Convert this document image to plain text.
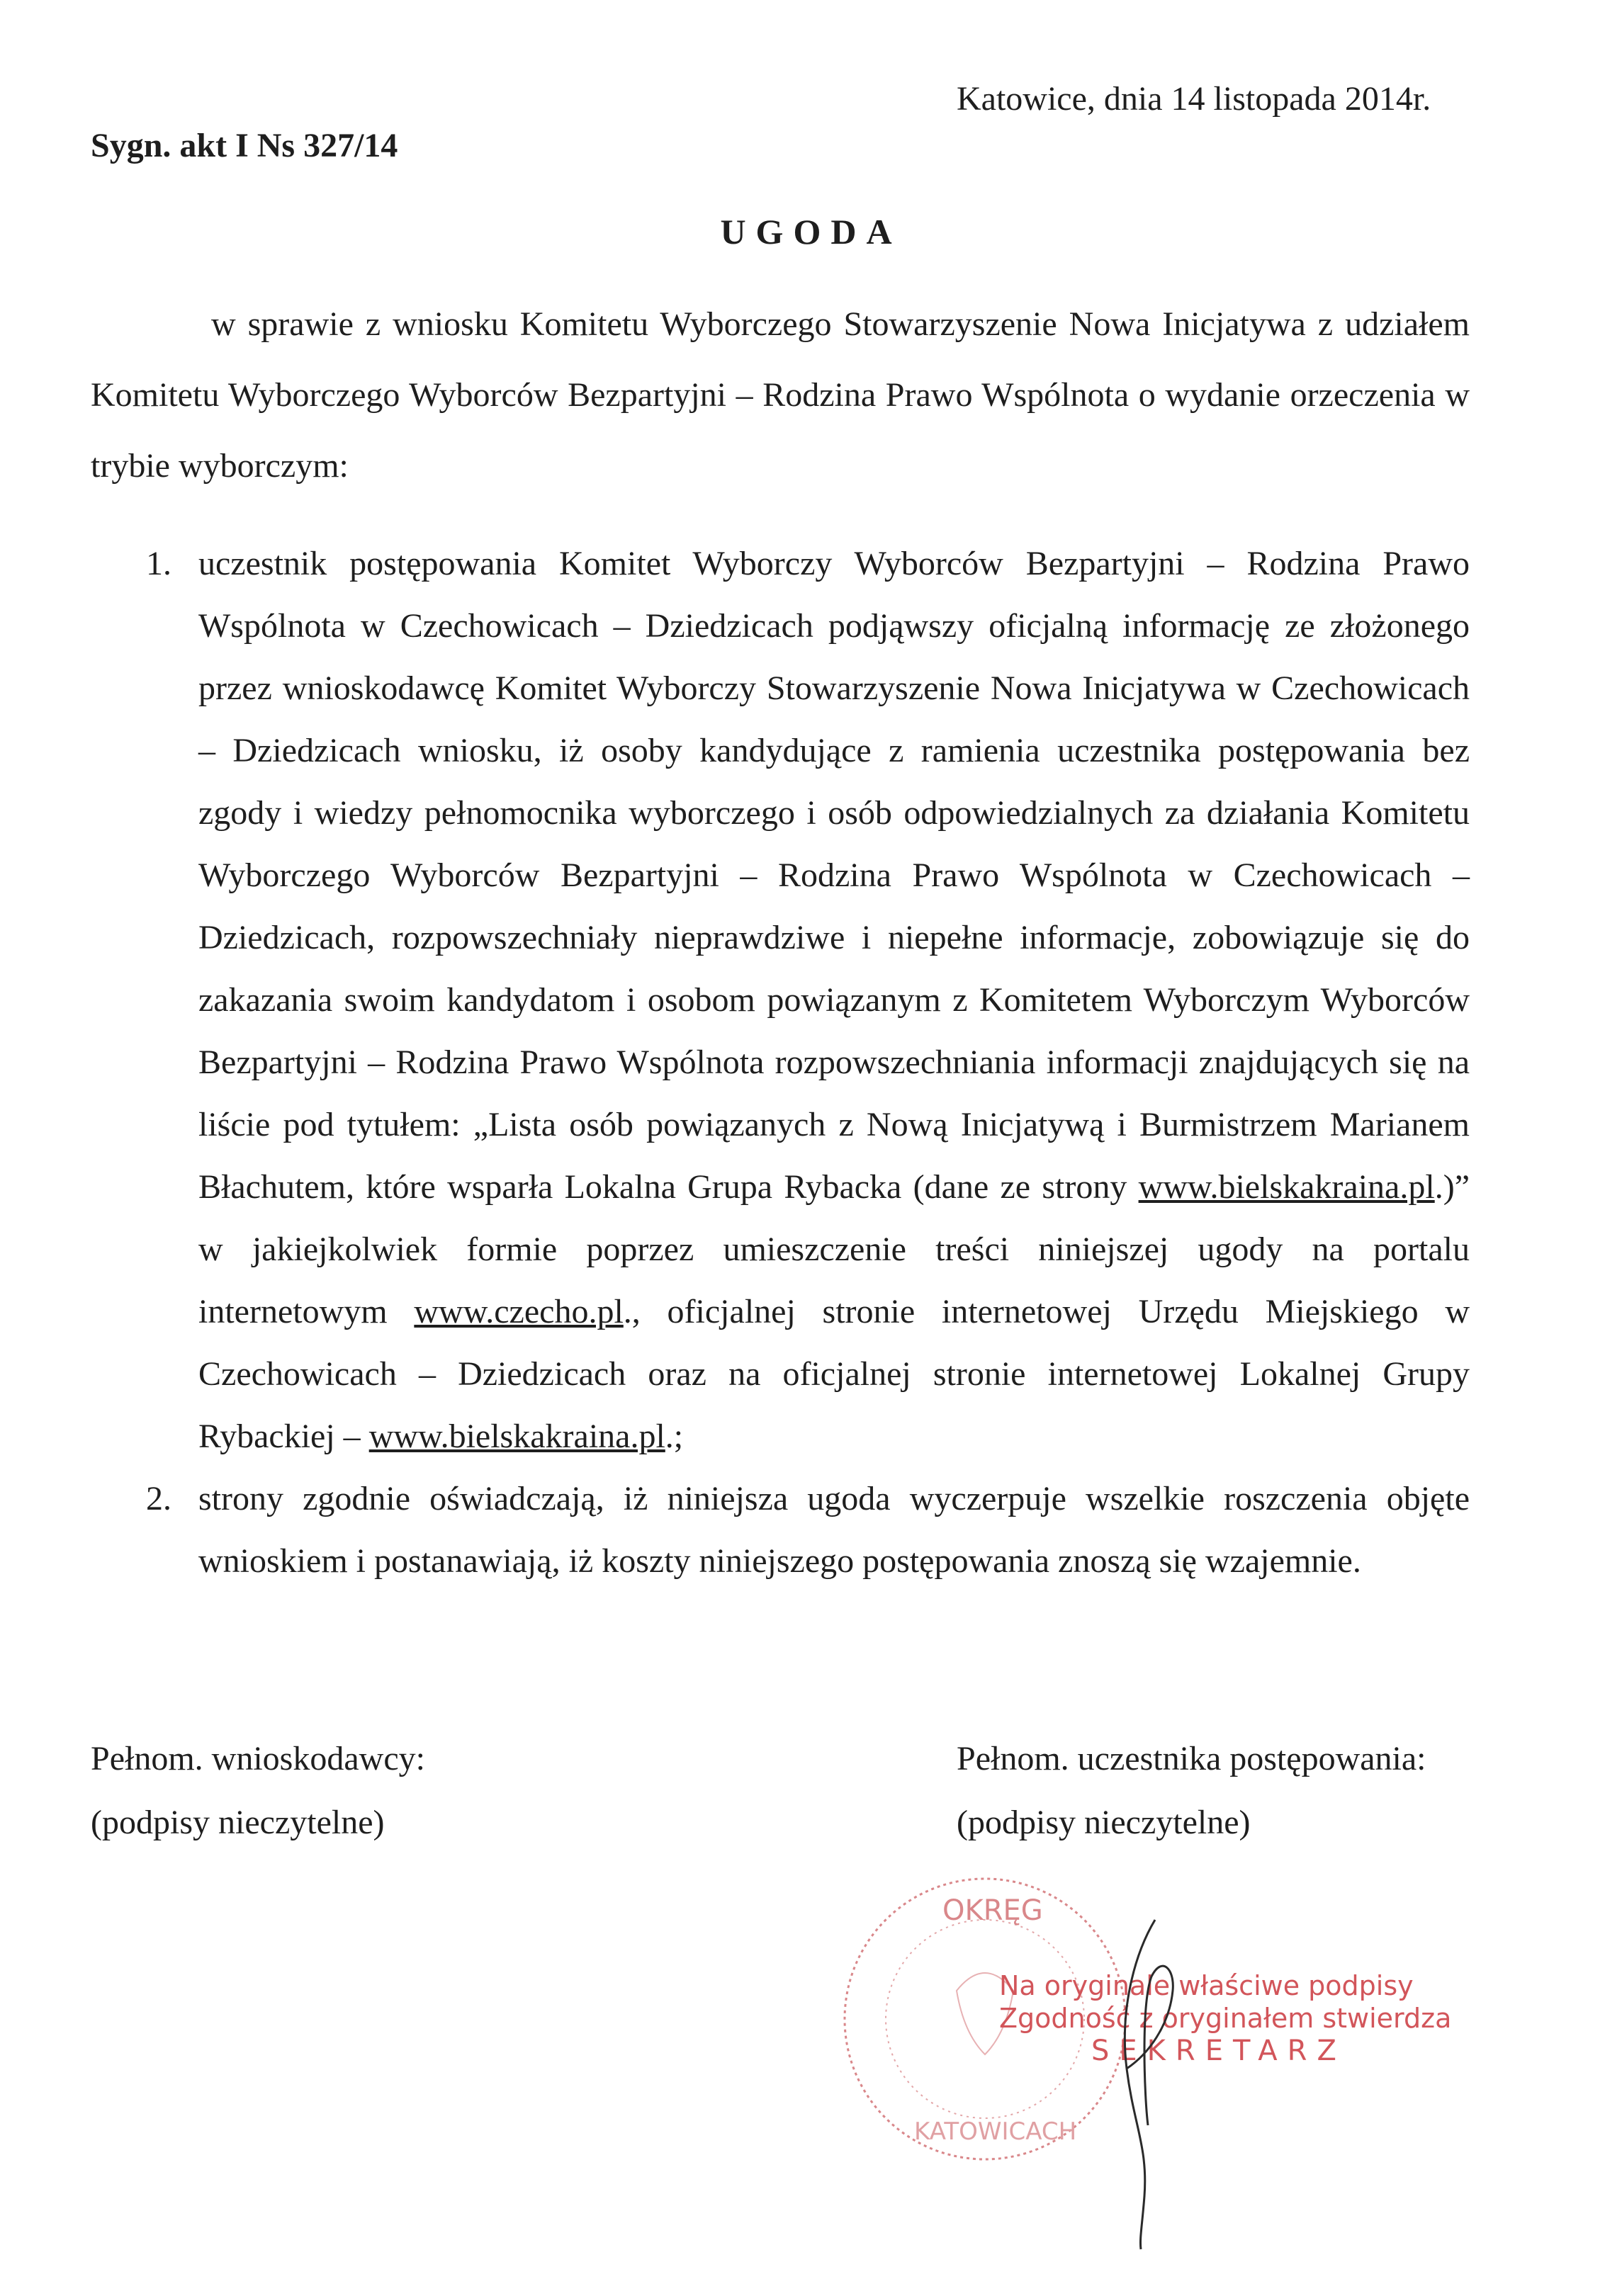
Katowice, dnia 14 listopada 2014r.
Sygn. akt I Ns 327/14
UGODA
w sprawie z wniosku Komitetu Wyborczego Stowarzyszenie Nowa Inicjatywa z udziałem Komitetu Wyborczego Wyborców Bezpartyjni – Rodzina Prawo Wspólnota o wydanie orzeczenia w trybie wyborczym:
1. uczestnik postępowania Komitet Wyborczy Wyborców Bezpartyjni – Rodzina Prawo Wspólnota w Czechowicach – Dziedzicach podjąwszy oficjalną informację ze złożonego przez wnioskodawcę Komitet Wyborczy Stowarzyszenie Nowa Inicjatywa w Czechowicach – Dziedzicach wniosku, iż osoby kandydujące z ramienia uczestnika postępowania bez zgody i wiedzy pełnomocnika wyborczego i osób odpowiedzialnych za działania Komitetu Wyborczego Wyborców Bezpartyjni – Rodzina Prawo Wspólnota w Czechowicach – Dziedzicach, rozpowszechniały nieprawdziwe i niepełne informacje, zobowiązuje się do zakazania swoim kandydatom i osobom powiązanym z Komitetem Wyborczym Wyborców Bezpartyjni – Rodzina Prawo Wspólnota rozpowszechniania informacji znajdujących się na liście pod tytułem: „Lista osób powiązanych z Nową Inicjatywą i Burmistrzem Marianem Błachutem, które wsparła Lokalna Grupa Rybacka (dane ze strony www.bielskakraina.pl.)” w jakiejkolwiek formie poprzez umieszczenie treści niniejszej ugody na portalu internetowym www.czecho.pl., oficjalnej stronie internetowej Urzędu Miejskiego w Czechowicach – Dziedzicach oraz na oficjalnej stronie internetowej Lokalnej Grupy Rybackiej – www.bielskakraina.pl.;
2. strony zgodnie oświadczają, iż niniejsza ugoda wyczerpuje wszelkie roszczenia objęte wnioskiem i postanawiają, iż koszty niniejszego postępowania znoszą się wzajemnie.
Pełnom. wnioskodawcy:
(podpisy nieczytelne)
Pełnom. uczestnika postępowania:
(podpisy nieczytelne)
OKRĘG
KATOWICACH
Na oryginale właściwe podpisy
Zgodność z oryginałem stwierdza
SEKRETARZ
